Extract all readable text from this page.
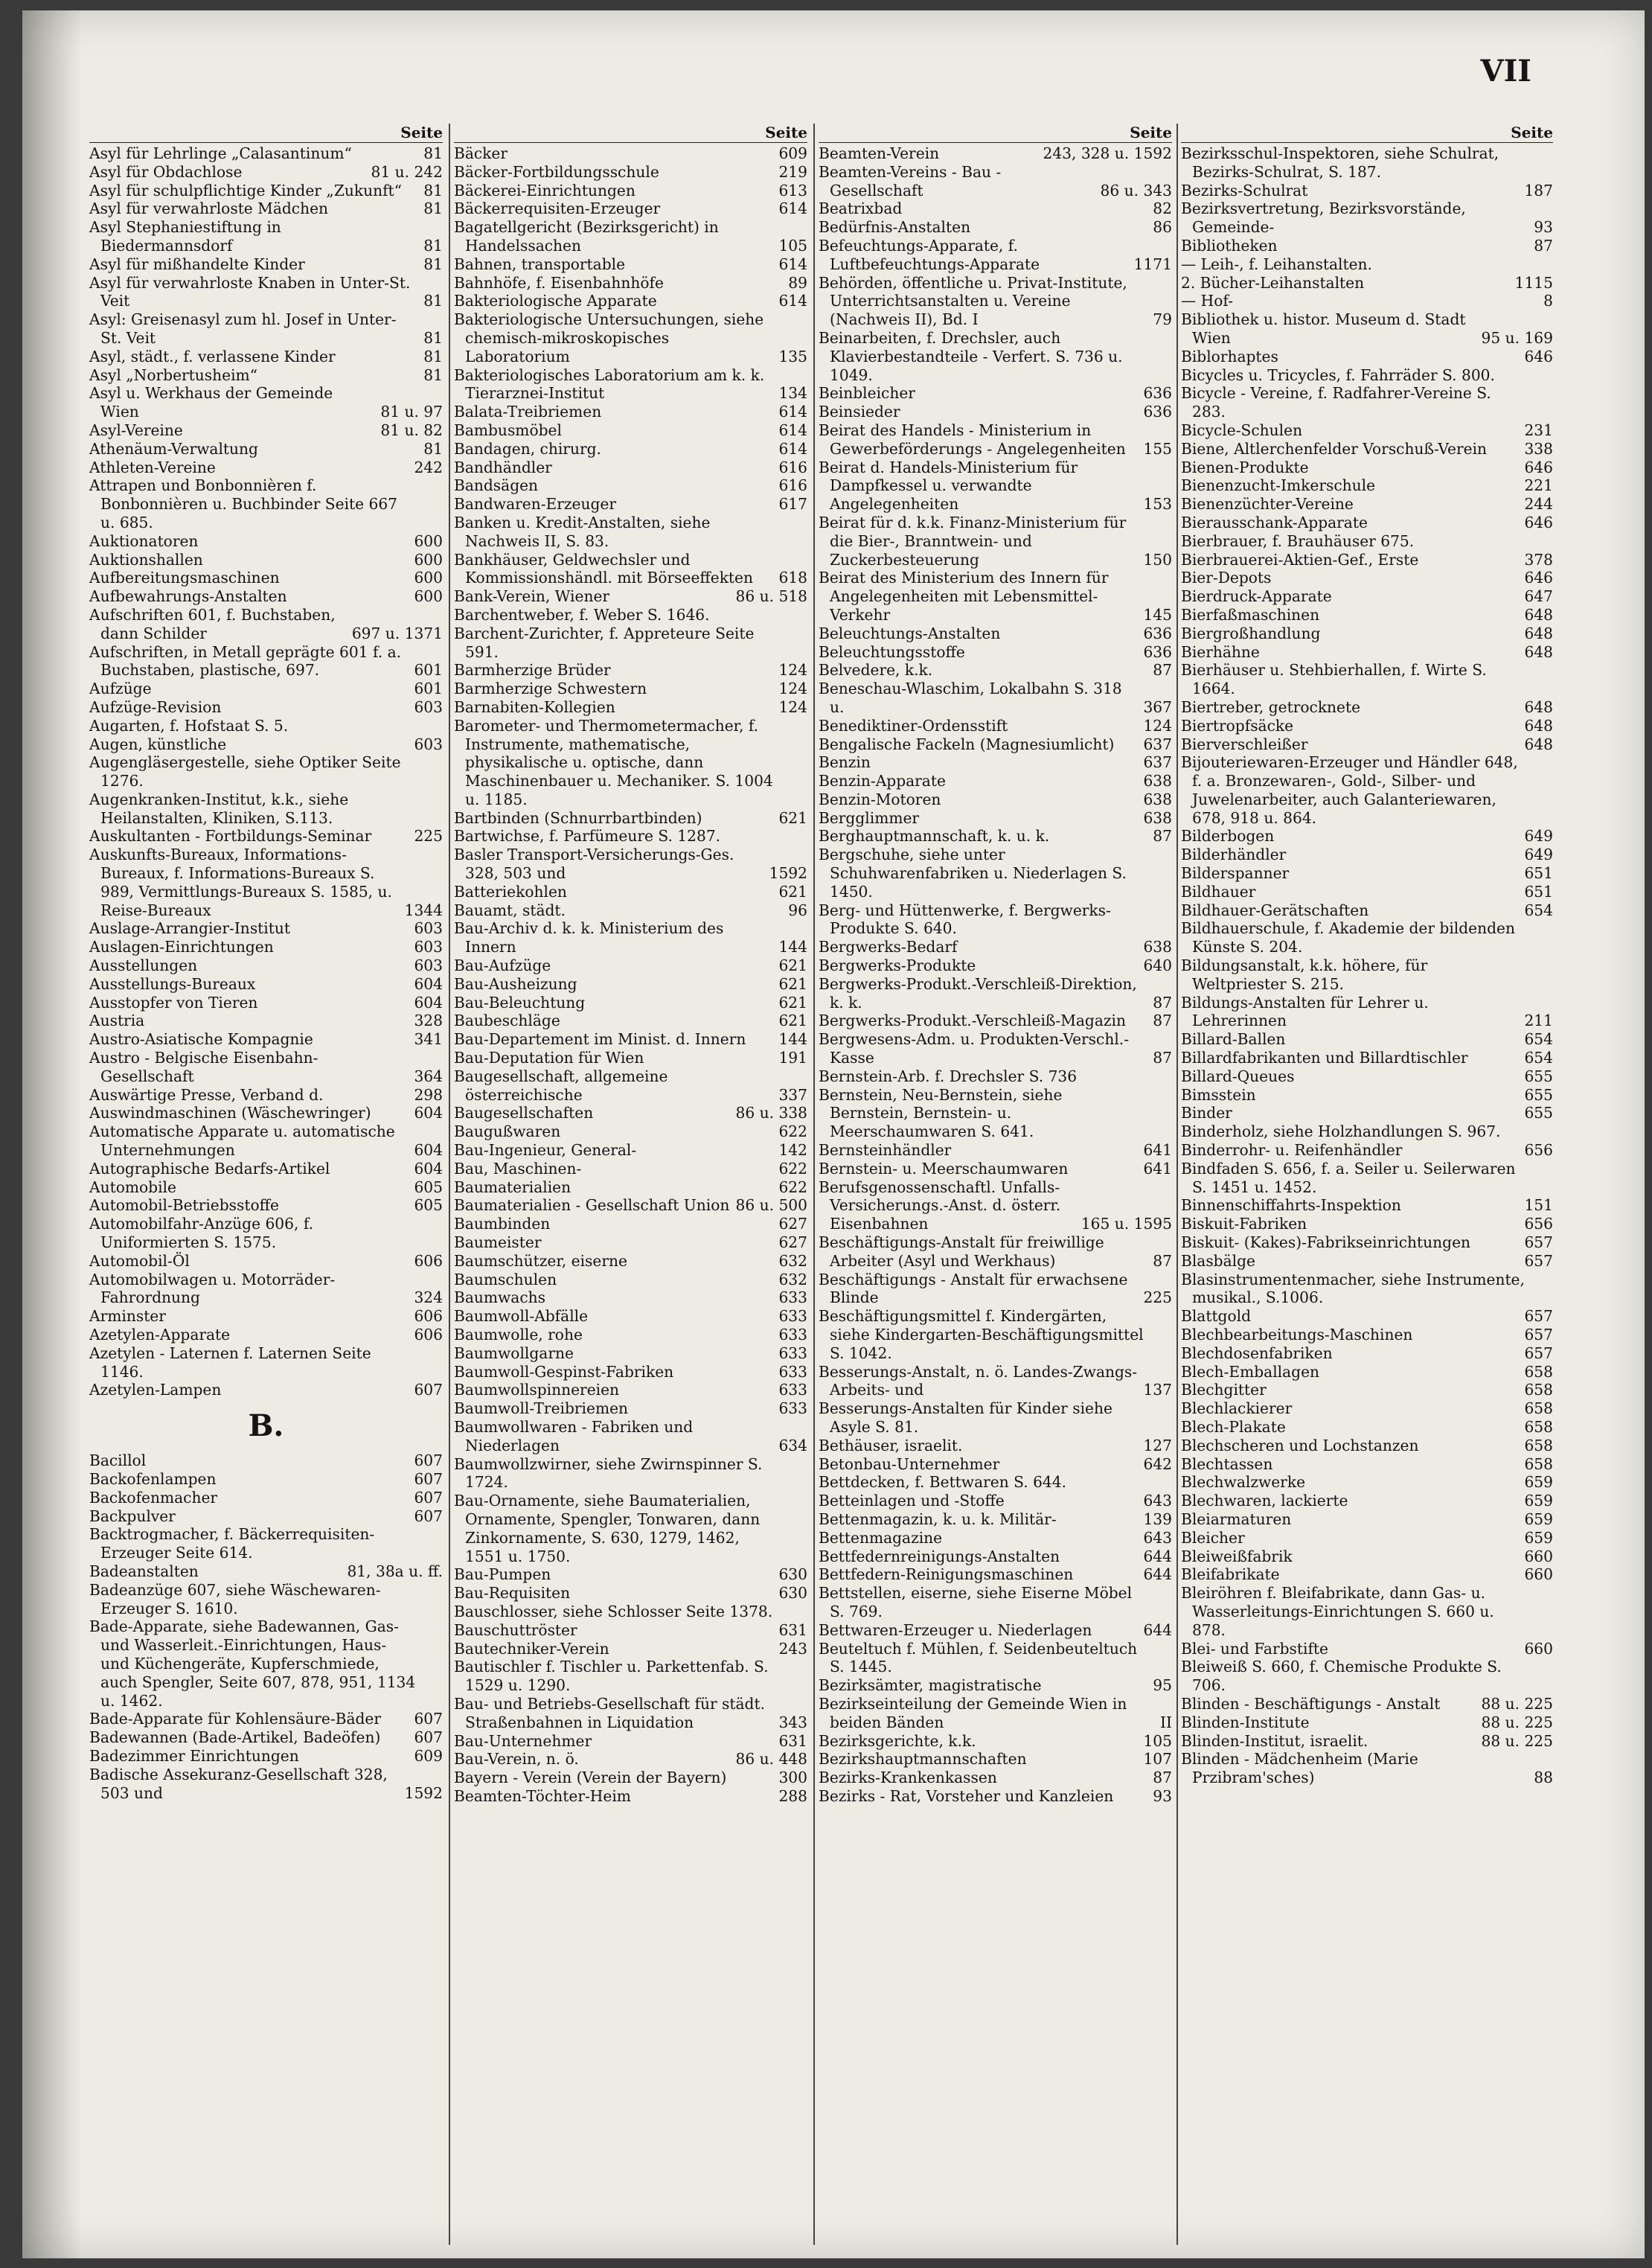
VII
Seite
Asyl für Lehrlinge „Calasantinum“	81
Asyl für Obdachlose	81 u. 242
Asyl für schulpflichtige Kinder „Zukunft“	81
Asyl für verwahrloste Mädchen	81
Asyl Stephaniestiftung in Biedermannsdorf	81
Asyl für mißhandelte Kinder	81
Asyl für verwahrloste Knaben in Unter-St. Veit	81
Asyl: Greisenasyl zum hl. Josef in Unter-St. Veit	81
Asyl, städt., f. verlassene Kinder	81
Asyl „Norbertusheim“	81
Asyl u. Werkhaus der Gemeinde Wien	81 u. 97
Asyl-Vereine	81 u. 82
Athenäum-Verwaltung	81
Athleten-Vereine	242
Attrapen und Bonbonnièren f. Bonbonnièren u. Buchbinder Seite 667 u. 685.
Auktionatoren	600
Auktionshallen	600
Aufbereitungsmaschinen	600
Aufbewahrungs-Anstalten	600
Aufschriften 601, f. Buchstaben, dann Schilder	697 u. 1371
Aufschriften, in Metall geprägte 601 f. a. Buchstaben, plastische, 697.	601
Aufzüge	601
Aufzüge-Revision	603
Augarten, f. Hofstaat S. 5.
Augen, künstliche	603
Augengläsergestelle, siehe Optiker Seite 1276.
Augenkranken-Institut, k.k., siehe Heilanstalten, Kliniken, S.113.
Auskultanten - Fortbildungs-Seminar	225
Auskunfts-Bureaux, Informations-Bureaux, f. Informations-Bureaux S. 989, Vermittlungs-Bureaux S. 1585, u. Reise-Bureaux	1344
Auslage-Arrangier-Institut	603
Auslagen-Einrichtungen	603
Ausstellungen	603
Ausstellungs-Bureaux	604
Ausstopfer von Tieren	604
Austria	328
Austro-Asiatische Kompagnie	341
Austro - Belgische Eisenbahn-Gesellschaft	364
Auswärtige Presse, Verband d.	298
Auswindmaschinen (Wäschewringer)	604
Automatische Apparate u. automatische Unternehmungen	604
Autographische Bedarfs-Artikel	604
Automobile	605
Automobil-Betriebsstoffe	605
Automobilfahr-Anzüge 606, f. Uniformierten S. 1575.
Automobil-Öl	606
Automobilwagen u. Motorräder-Fahrordnung	324
Arminster	606
Azetylen-Apparate	606
Azetylen - Laternen f. Laternen Seite 1146.
Azetylen-Lampen	607
B.
Bacillol	607
Backofenlampen	607
Backofenmacher	607
Backpulver	607
Backtrogmacher, f. Bäckerrequisiten-Erzeuger Seite 614.
Badeanstalten	81, 38a u. ff.
Badeanzüge 607, siehe Wäschewaren-Erzeuger S. 1610.
Bade-Apparate, siehe Badewannen, Gas- und Wasserleit.-Einrichtungen, Haus- und Küchengeräte, Kupferschmiede, auch Spengler, Seite 607, 878, 951, 1134 u. 1462.
Bade-Apparate für Kohlensäure-Bäder	607
Badewannen (Bade-Artikel, Badeöfen)	607
Badezimmer Einrichtungen	609
Badische Assekuranz-Gesellschaft 328, 503 und	1592
Seite
Bäcker	609
Bäcker-Fortbildungsschule	219
Bäckerei-Einrichtungen	613
Bäckerrequisiten-Erzeuger	614
Bagatellgericht (Bezirksgericht) in Handelssachen	105
Bahnen, transportable	614
Bahnhöfe, f. Eisenbahnhöfe	89
Bakteriologische Apparate	614
Bakteriologische Untersuchungen, siehe chemisch-mikroskopisches Laboratorium	135
Bakteriologisches Laboratorium am k. k. Tierarznei-Institut	134
Balata-Treibriemen	614
Bambusmöbel	614
Bandagen, chirurg.	614
Bandhändler	616
Bandsägen	616
Bandwaren-Erzeuger	617
Banken u. Kredit-Anstalten, siehe Nachweis II, S. 83.
Bankhäuser, Geldwechsler und Kommissionshändl. mit Börseeffekten	618
Bank-Verein, Wiener	86 u. 518
Barchentweber, f. Weber S. 1646.
Barchent-Zurichter, f. Appreteure Seite 591.
Barmherzige Brüder	124
Barmherzige Schwestern	124
Barnabiten-Kollegien	124
Barometer- und Thermometermacher, f. Instrumente, mathematische, physikalische u. optische, dann Maschinenbauer u. Mechaniker. S. 1004 u. 1185.
Bartbinden (Schnurrbartbinden)	621
Bartwichse, f. Parfümeure S. 1287.
Basler Transport-Versicherungs-Ges. 328, 503 und	1592
Batteriekohlen	621
Bauamt, städt.	96
Bau-Archiv d. k. k. Ministerium des Innern	144
Bau-Aufzüge	621
Bau-Ausheizung	621
Bau-Beleuchtung	621
Baubeschläge	621
Bau-Departement im Minist. d. Innern	144
Bau-Deputation für Wien	191
Baugesellschaft, allgemeine österreichische	337
Baugesellschaften	86 u. 338
Baugußwaren	622
Bau-Ingenieur, General-	142
Bau, Maschinen-	622
Baumaterialien	622
Baumaterialien - Gesellschaft Union 86 u. 500
Baumbinden	627
Baumeister	627
Baumschützer, eiserne	632
Baumschulen	632
Baumwachs	633
Baumwoll-Abfälle	633
Baumwolle, rohe	633
Baumwollgarne	633
Baumwoll-Gespinst-Fabriken	633
Baumwollspinnereien	633
Baumwoll-Treibriemen	633
Baumwollwaren - Fabriken und Niederlagen	634
Baumwollzwirner, siehe Zwirnspinner S. 1724.
Bau-Ornamente, siehe Baumaterialien, Ornamente, Spengler, Tonwaren, dann Zinkornamente, S. 630, 1279, 1462, 1551 u. 1750.
Bau-Pumpen	630
Bau-Requisiten	630
Bauschlosser, siehe Schlosser Seite 1378.
Bauschuttröster	631
Bautechniker-Verein	243
Bautischler f. Tischler u. Parkettenfab. S. 1529 u. 1290.
Bau- und Betriebs-Gesellschaft für städt. Straßenbahnen in Liquidation	343
Bau-Unternehmer	631
Bau-Verein, n. ö.	86 u. 448
Bayern - Verein (Verein der Bayern)	300
Beamten-Töchter-Heim	288
Seite
Beamten-Verein	243, 328 u. 1592
Beamten-Vereins - Bau - Gesellschaft	86 u. 343
Beatrixbad	82
Bedürfnis-Anstalten	86
Befeuchtungs-Apparate, f. Luftbefeuchtungs-Apparate	1171
Behörden, öffentliche u. Privat-Institute, Unterrichtsanstalten u. Vereine (Nachweis II), Bd. I	79
Beinarbeiten, f. Drechsler, auch Klavierbestandteile - Verfert. S. 736 u. 1049.
Beinbleicher	636
Beinsieder	636
Beirat des Handels - Ministerium in Gewerbeförderungs - Angelegenheiten	155
Beirat d. Handels-Ministerium für Dampfkessel u. verwandte Angelegenheiten	153
Beirat für d. k.k. Finanz-Ministerium für die Bier-, Branntwein- und Zuckerbesteuerung	150
Beirat des Ministerium des Innern für Angelegenheiten mit Lebensmittel-Verkehr	145
Beleuchtungs-Anstalten	636
Beleuchtungsstoffe	636
Belvedere, k.k.	87
Beneschau-Wlaschim, Lokalbahn S. 318 u.	367
Benediktiner-Ordensstift	124
Bengalische Fackeln (Magnesiumlicht)	637
Benzin	637
Benzin-Apparate	638
Benzin-Motoren	638
Bergglimmer	638
Berghauptmannschaft, k. u. k.	87
Bergschuhe, siehe unter Schuhwarenfabriken u. Niederlagen S. 1450.
Berg- und Hüttenwerke, f. Bergwerks-Produkte S. 640.
Bergwerks-Bedarf	638
Bergwerks-Produkte	640
Bergwerks-Produkt.-Verschleiß-Direktion, k. k.	87
Bergwerks-Produkt.-Verschleiß-Magazin	87
Bergwesens-Adm. u. Produkten-Verschl.-Kasse	87
Bernstein-Arb. f. Drechsler S. 736
Bernstein, Neu-Bernstein, siehe Bernstein, Bernstein- u. Meerschaumwaren S. 641.
Bernsteinhändler	641
Bernstein- u. Meerschaumwaren	641
Berufsgenossenschaftl. Unfalls-Versicherungs.-Anst. d. österr. Eisenbahnen	165 u. 1595
Beschäftigungs-Anstalt für freiwillige Arbeiter (Asyl und Werkhaus)	87
Beschäftigungs - Anstalt für erwachsene Blinde	225
Beschäftigungsmittel f. Kindergärten, siehe Kindergarten-Beschäftigungsmittel S. 1042.
Besserungs-Anstalt, n. ö. Landes-Zwangs-Arbeits- und	137
Besserungs-Anstalten für Kinder siehe Asyle S. 81.
Bethäuser, israelit.	127
Betonbau-Unternehmer	642
Bettdecken, f. Bettwaren S. 644.
Betteinlagen und -Stoffe	643
Bettenmagazin, k. u. k. Militär-	139
Bettenmagazine	643
Bettfedernreinigungs-Anstalten	644
Bettfedern-Reinigungsmaschinen	644
Bettstellen, eiserne, siehe Eiserne Möbel S. 769.
Bettwaren-Erzeuger u. Niederlagen	644
Beuteltuch f. Mühlen, f. Seidenbeuteltuch S. 1445.
Bezirksämter, magistratische	95
Bezirkseinteilung der Gemeinde Wien in beiden Bänden	II
Bezirksgerichte, k.k.	105
Bezirkshauptmannschaften	107
Bezirks-Krankenkassen	87
Bezirks - Rat, Vorsteher und Kanzleien	93
Seite
Bezirksschul-Inspektoren, siehe Schulrat, Bezirks-Schulrat, S. 187.
Bezirks-Schulrat	187
Bezirksvertretung, Bezirksvorstände, Gemeinde-	93
Bibliotheken	87
— Leih-, f. Leihanstalten.
2. Bücher-Leihanstalten	1115
— Hof-	8
Bibliothek u. histor. Museum d. Stadt Wien	95 u. 169
Biblorhaptes	646
Bicycles u. Tricycles, f. Fahrräder S. 800.
Bicycle - Vereine, f. Radfahrer-Vereine S. 283.
Bicycle-Schulen	231
Biene, Altlerchenfelder Vorschuß-Verein	338
Bienen-Produkte	646
Bienenzucht-Imkerschule	221
Bienenzüchter-Vereine	244
Bierausschank-Apparate	646
Bierbrauer, f. Brauhäuser 675.
Bierbrauerei-Aktien-Gef., Erste	378
Bier-Depots	646
Bierdruck-Apparate	647
Bierfaßmaschinen	648
Biergroßhandlung	648
Bierhähne	648
Bierhäuser u. Stehbierhallen, f. Wirte S. 1664.
Biertreber, getrocknete	648
Biertropfsäcke	648
Bierverschleißer	648
Bijouteriewaren-Erzeuger und Händler 648, f. a. Bronzewaren-, Gold-, Silber- und Juwelenarbeiter, auch Galanteriewaren, 678, 918 u. 864.
Bilderbogen	649
Bilderhändler	649
Bilderspanner	651
Bildhauer	651
Bildhauer-Gerätschaften	654
Bildhauerschule, f. Akademie der bildenden Künste S. 204.
Bildungsanstalt, k.k. höhere, für Weltpriester S. 215.
Bildungs-Anstalten für Lehrer u. Lehrerinnen	211
Billard-Ballen	654
Billardfabrikanten und Billardtischler	654
Billard-Queues	655
Bimsstein	655
Binder	655
Binderholz, siehe Holzhandlungen S. 967.
Binderrohr- u. Reifenhändler	656
Bindfaden S. 656, f. a. Seiler u. Seilerwaren S. 1451 u. 1452.
Binnenschiffahrts-Inspektion	151
Biskuit-Fabriken	656
Biskuit- (Kakes)-Fabrikseinrichtungen	657
Blasbälge	657
Blasinstrumentenmacher, siehe Instrumente, musikal., S.1006.
Blattgold	657
Blechbearbeitungs-Maschinen	657
Blechdosenfabriken	657
Blech-Emballagen	658
Blechgitter	658
Blechlackierer	658
Blech-Plakate	658
Blechscheren und Lochstanzen	658
Blechtassen	658
Blechwalzwerke	659
Blechwaren, lackierte	659
Bleiarmaturen	659
Bleicher	659
Bleiweißfabrik	660
Bleifabrikate	660
Bleiröhren f. Bleifabrikate, dann Gas- u. Wasserleitungs-Einrichtungen S. 660 u. 878.
Blei- und Farbstifte	660
Bleiweiß S. 660, f. Chemische Produkte S. 706.
Blinden - Beschäftigungs - Anstalt	88 u. 225
Blinden-Institute	88 u. 225
Blinden-Institut, israelit.	88 u. 225
Blinden - Mädchenheim (Marie Przibram'sches)	88
